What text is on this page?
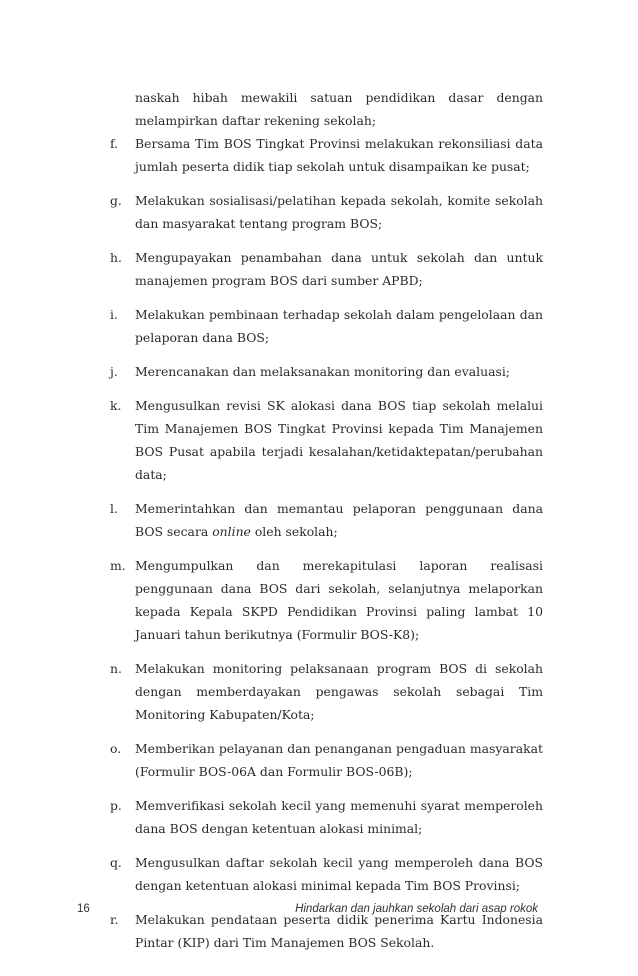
naskah hibah mewakili satuan pendidikan dasar dengan
melampirkan daftar rekening sekolah;
f.	Bersama Tim BOS Tingkat Provinsi melakukan rekonsiliasi data jumlah peserta didik tiap sekolah untuk disampaikan ke pusat;
g.	Melakukan sosialisasi/pelatihan kepada sekolah, komite sekolah dan masyarakat tentang program BOS;
h.	Mengupayakan penambahan dana untuk sekolah dan untuk manajemen program BOS dari sumber APBD;
i.	Melakukan pembinaan terhadap sekolah dalam pengelolaan dan pelaporan dana BOS;
j.	Merencanakan dan melaksanakan monitoring dan evaluasi;
k.	Mengusulkan revisi SK alokasi dana BOS tiap sekolah melalui Tim Manajemen BOS Tingkat Provinsi kepada Tim Manajemen BOS Pusat apabila terjadi kesalahan/ketidaktepatan/perubahan data;
l.	Memerintahkan dan memantau pelaporan penggunaan dana BOS secara online oleh sekolah;
m. Mengumpulkan dan merekapitulasi laporan realisasi penggunaan dana BOS dari sekolah, selanjutnya melaporkan kepada Kepala SKPD Pendidikan Provinsi paling lambat 10 Januari tahun berikutnya (Formulir BOS-K8);
n.	Melakukan monitoring pelaksanaan program BOS di sekolah dengan memberdayakan pengawas sekolah sebagai Tim Monitoring Kabupaten/Kota;
o.	Memberikan pelayanan dan penanganan pengaduan masyarakat (Formulir BOS-06A dan Formulir BOS-06B);
p.	Memverifikasi sekolah kecil yang memenuhi syarat memperoleh dana BOS dengan ketentuan alokasi minimal;
q.	Mengusulkan daftar sekolah kecil yang memperoleh dana BOS dengan ketentuan alokasi minimal kepada Tim BOS Provinsi;
r.	Melakukan pendataan peserta didik penerima Kartu Indonesia Pintar (KIP) dari Tim Manajemen BOS Sekolah.
16	Hindarkan dan jauhkan sekolah dari asap rokok
